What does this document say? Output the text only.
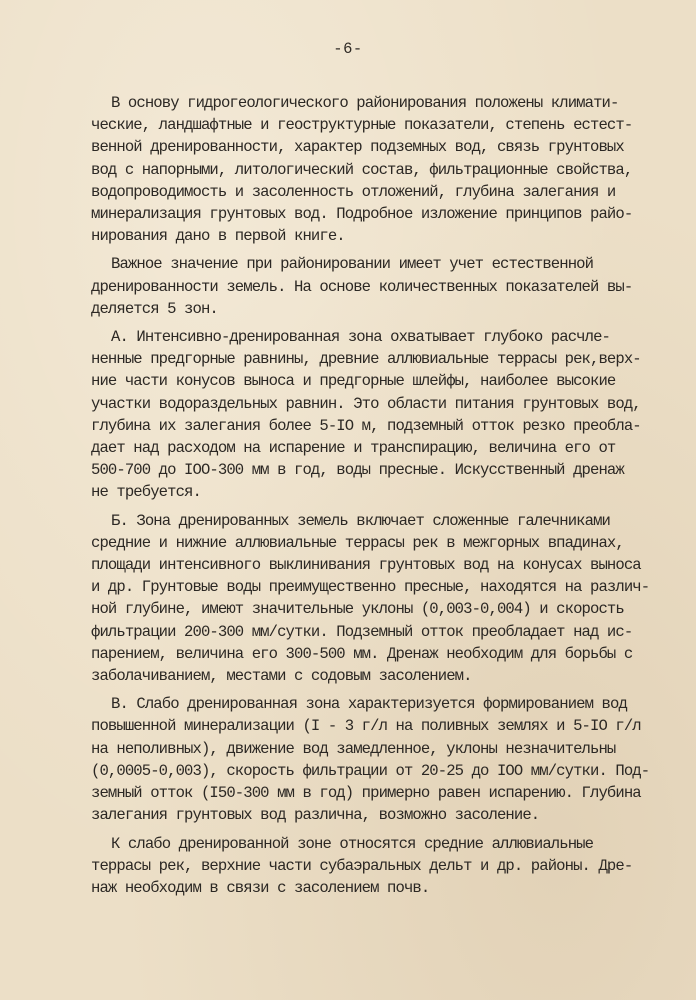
-6-
В основу гидрогеологического районирования положены климати-
ческие, ландшафтные и геоструктурные показатели, степень естест-
венной дренированности, характер подземных вод, связь грунтовых
вод с напорными, литологический состав, фильтрационные свойства,
водопроводимость и засоленность отложений, глубина залегания и
минерализация грунтовых вод. Подробное изложение принципов райо-
нирования дано в первой книге.
Важное значение при районировании имеет учет естественной
дренированности земель. На основе количественных показателей вы-
деляется 5 зон.
А. Интенсивно-дренированная зона охватывает глубоко расчле-
ненные предгорные равнины, древние аллювиальные террасы рек,верх-
ние части конусов выноса и предгорные шлейфы, наиболее высокие
участки водораздельных равнин. Это области питания грунтовых вод,
глубина их залегания более 5-IO м, подземный отток резко преобла-
дает над расходом на испарение и транспирацию, величина его от
500-700 до IOO-300 мм в год, воды пресные. Искусственный дренаж
не требуется.
Б. Зона дренированных земель включает сложенные галечниками
средние и нижние аллювиальные террасы рек в межгорных впадинах,
площади интенсивного выклинивания грунтовых вод на конусах выноса
и др. Грунтовые воды преимущественно пресные, находятся на различ-
ной глубине, имеют значительные уклоны (0,003-0,004) и скорость
фильтрации 200-300 мм/сутки. Подземный отток преобладает над ис-
парением, величина его 300-500 мм. Дренаж необходим для борьбы с
заболачиванием, местами с содовым засолением.
В. Слабо дренированная зона характеризуется формированием вод
повышенной минерализации (I - 3 г/л на поливных землях и 5-IO г/л
на неполивных), движение вод замедленное, уклоны незначительны
(0,0005-0,003), скорость фильтрации от 20-25 до IOO мм/сутки. Под-
земный отток (I50-300 мм в год) примерно равен испарению. Глубина
залегания грунтовых вод различна, возможно засоление.
К слабо дренированной зоне относятся средние аллювиальные
террасы рек, верхние части субаэральных дельт и др. районы. Дре-
наж необходим в связи с засолением почв.
